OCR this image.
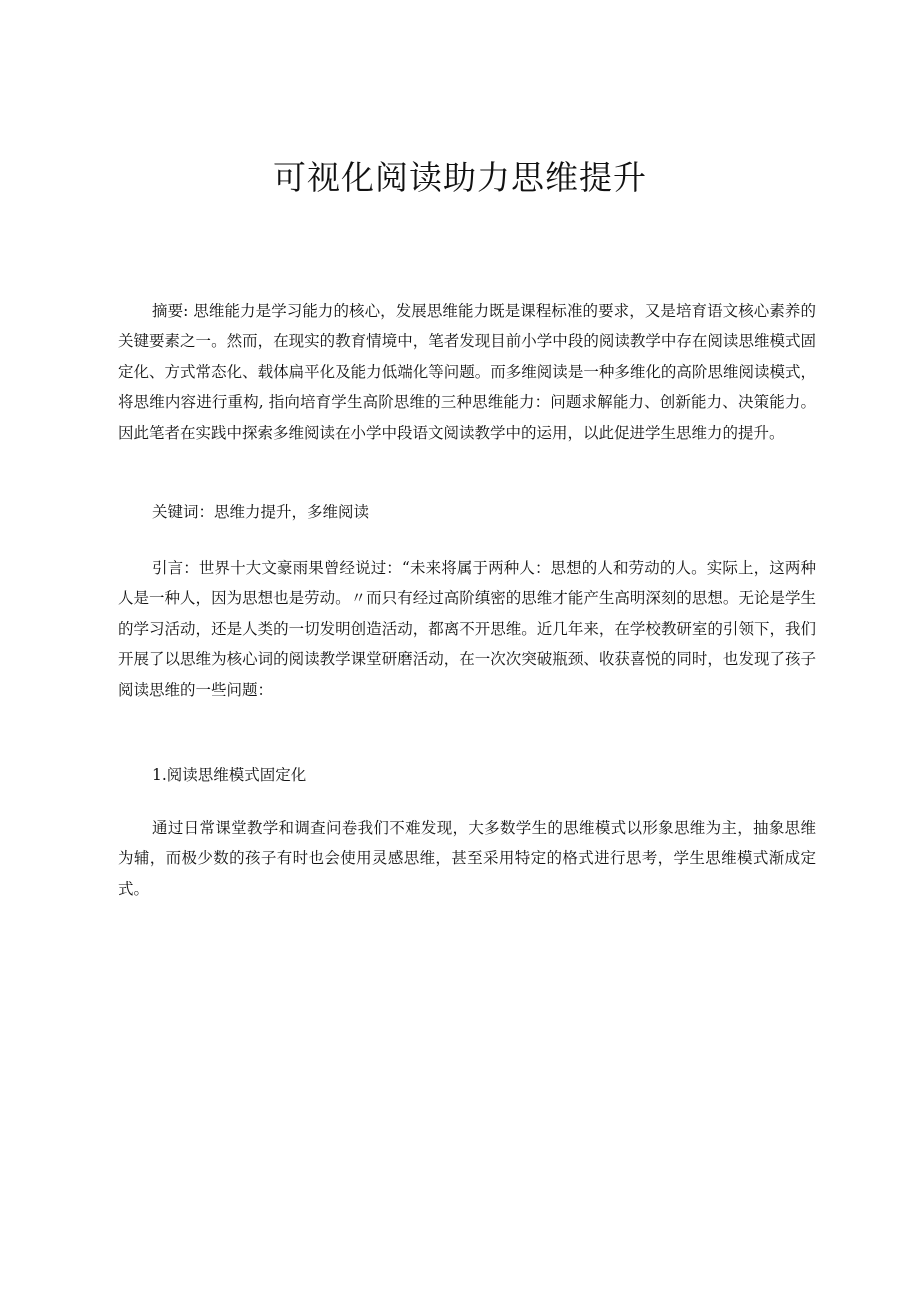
可视化阅读助力思维提升

摘要: 思维能力是学习能力的核心，发展思维能力既是课程标准的要求，又是培育语文核心素养的关键要素之一。然而，在现实的教育情境中，笔者发现目前小学中段的阅读教学中存在阅读思维模式固定化、方式常态化、载体扁平化及能力低端化等问题。而多维阅读是一种多维化的高阶思维阅读模式，将思维内容进行重构, 指向培育学生高阶思维的三种思维能力：问题求解能力、创新能力、决策能力。因此笔者在实践中探索多维阅读在小学中段语文阅读教学中的运用，以此促进学生思维力的提升。

关键词：思维力提升，多维阅读

引言：世界十大文豪雨果曾经说过：“未来将属于两种人：思想的人和劳动的人。实际上，这两种人是一种人，因为思想也是劳动。〃而只有经过高阶缜密的思维才能产生高明深刻的思想。无论是学生的学习活动，还是人类的一切发明创造活动，都离不开思维。近几年来，在学校教研室的引领下，我们开展了以思维为核心词的阅读教学课堂研磨活动，在一次次突破瓶颈、收获喜悦的同时，也发现了孩子阅读思维的一些问题：

1.阅读思维模式固定化

通过日常课堂教学和调查问卷我们不难发现，大多数学生的思维模式以形象思维为主，抽象思维为辅，而极少数的孩子有时也会使用灵感思维，甚至采用特定的格式进行思考，学生思维模式渐成定式。
